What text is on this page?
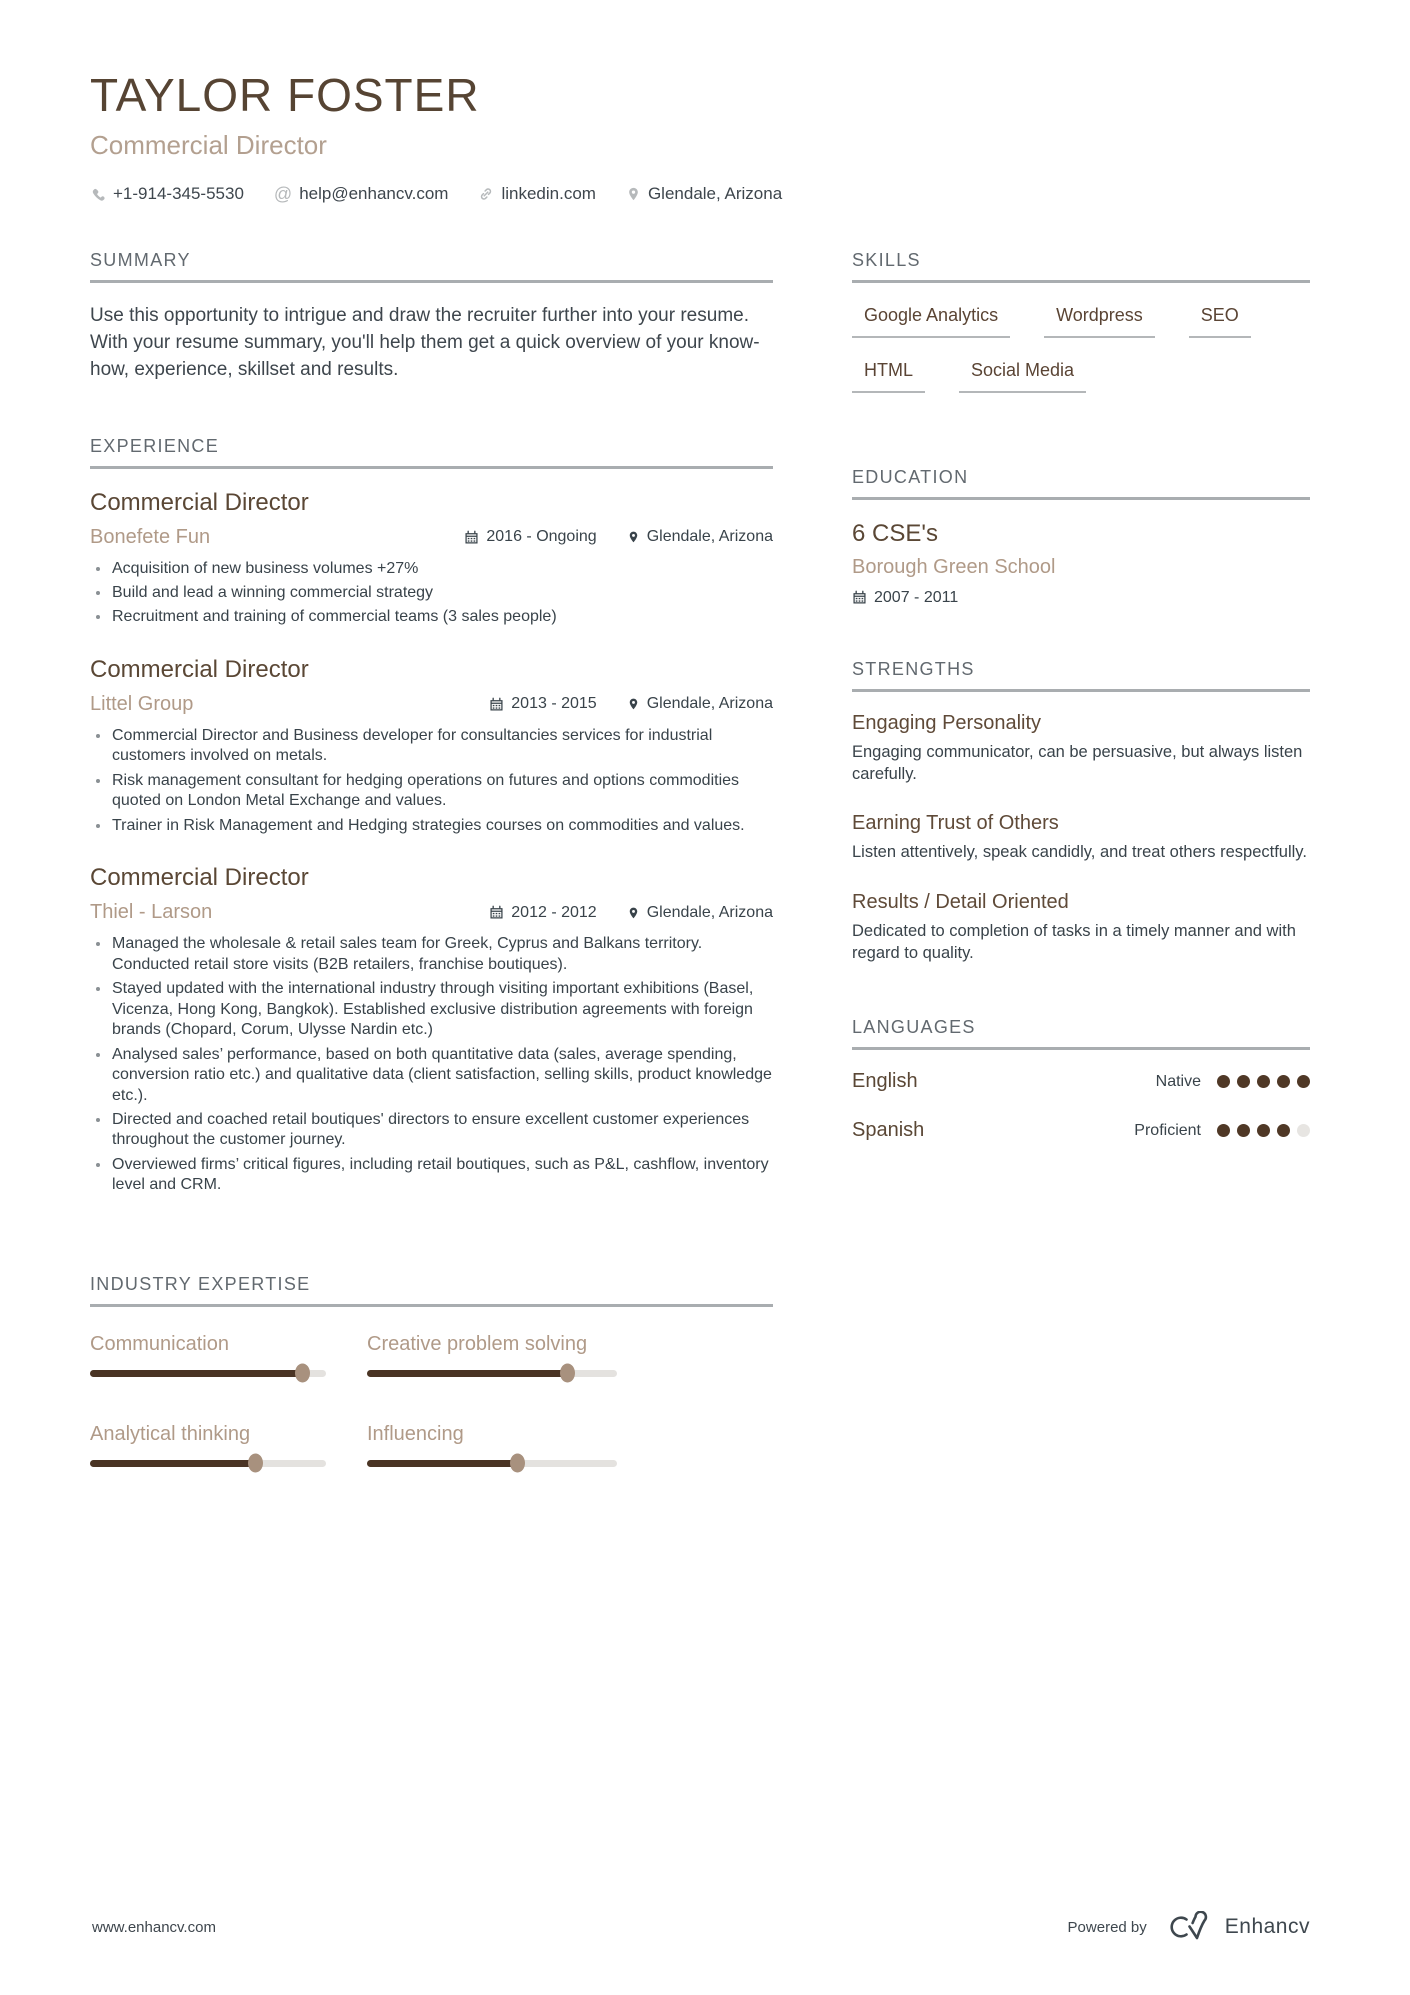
TAYLOR FOSTER
Commercial Director
+1-914-345-5530 @ help@enhancv.com	linkedin.com	Glendale, Arizona
SUMMARY
Use this opportunity to intrigue and draw the recruiter further into your resume. With your resume summary, you'll help them get a quick overview of your know-how, experience, skillset and results.
EXPERIENCE
Commercial Director
Bonefete Fun	2016 - Ongoing	Glendale, Arizona
Acquisition of new business volumes +27%
Build and lead a winning commercial strategy
Recruitment and training of commercial teams (3 sales people)
Commercial Director
Littel Group	2013 - 2015	Glendale, Arizona
Commercial Director and Business developer for consultancies services for industrial customers involved on metals.
Risk management consultant for hedging operations on futures and options commodities quoted on London Metal Exchange and values.
Trainer in Risk Management and Hedging strategies courses on commodities and values.
Commercial Director
Thiel - Larson	2012 - 2012	Glendale, Arizona
Managed the wholesale & retail sales team for Greek, Cyprus and Balkans territory. Conducted retail store visits (B2B retailers, franchise boutiques).
Stayed updated with the international industry through visiting important exhibitions (Basel, Vicenza, Hong Kong, Bangkok). Established exclusive distribution agreements with foreign brands (Chopard, Corum, Ulysse Nardin etc.)
Analysed sales’ performance, based on both quantitative data (sales, average spending, conversion ratio etc.) and qualitative data (client satisfaction, selling skills, product knowledge etc.).
Directed and coached retail boutiques' directors to ensure excellent customer experiences throughout the customer journey.
Overviewed firms’ critical figures, including retail boutiques, such as P&L, cashflow, inventory level and CRM.
INDUSTRY EXPERTISE
Communication	Creative problem solving
Analytical thinking	Influencing
SKILLS
Google Analytics	Wordpress	SEO
HTML	Social Media
EDUCATION
6 CSE's
Borough Green School
2007 - 2011
STRENGTHS
Engaging Personality
Engaging communicator, can be persuasive, but always listen carefully.
Earning Trust of Others
Listen attentively, speak candidly, and treat others respectfully.
Results / Detail Oriented
Dedicated to completion of tasks in a timely manner and with regard to quality.
LANGUAGES
English	Native
Spanish	Proficient
www.enhancv.com	Powered by	Enhancv
